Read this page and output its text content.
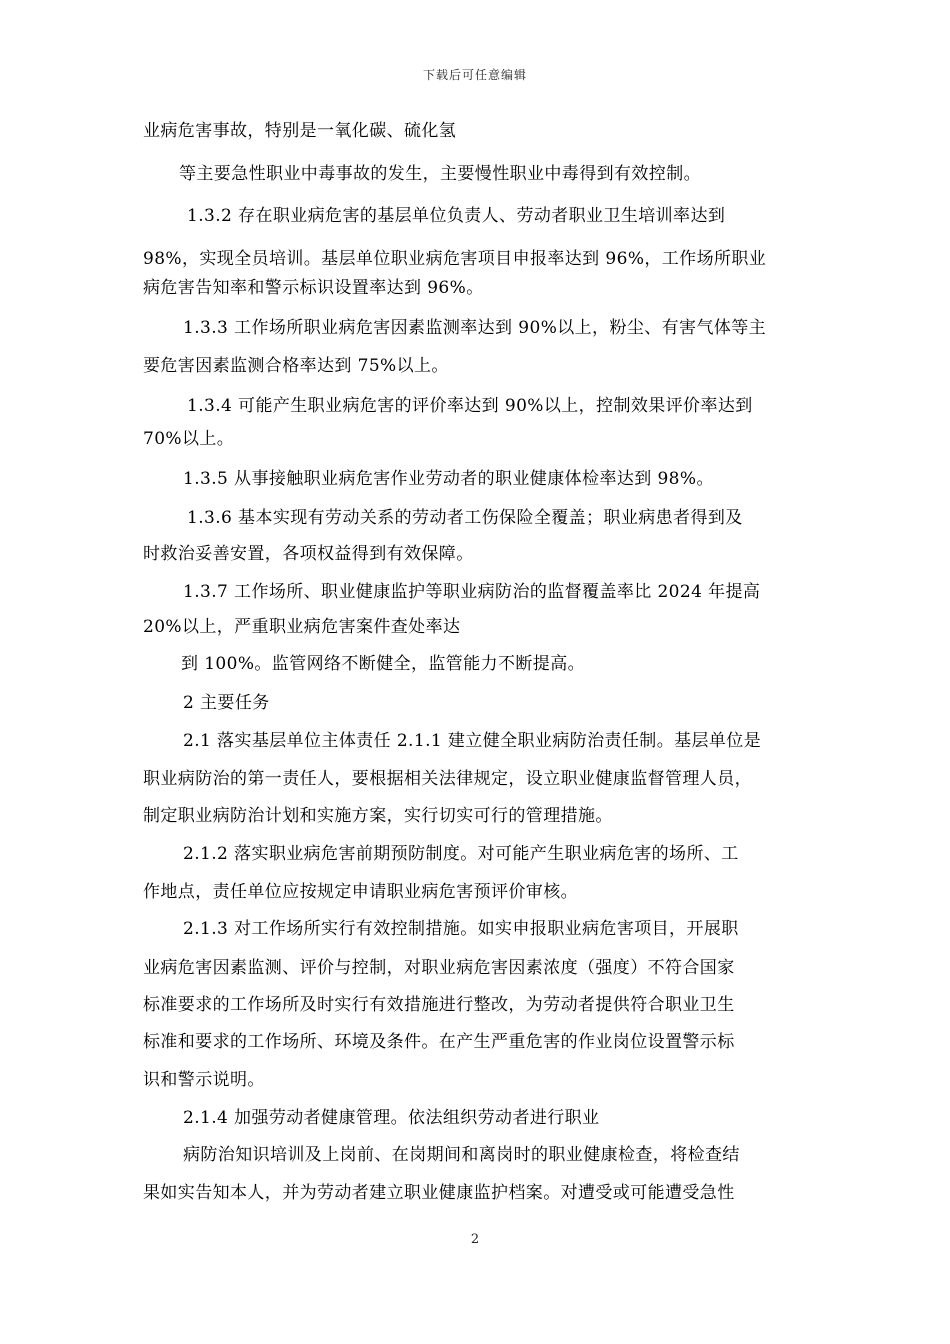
下载后可任意编辑
业病危害事故，特别是一氧化碳、硫化氢
等主要急性职业中毒事故的发生，主要慢性职业中毒得到有效控制。
1.3.2 存在职业病危害的基层单位负责人、劳动者职业卫生培训率达到
98%，实现全员培训。基层单位职业病危害项目申报率达到 96%，工作场所职业
病危害告知率和警示标识设置率达到 96%。
1.3.3 工作场所职业病危害因素监测率达到 90%以上，粉尘、有害气体等主
要危害因素监测合格率达到 75%以上。
1.3.4 可能产生职业病危害的评价率达到 90%以上，控制效果评价率达到
70%以上。
1.3.5 从事接触职业病危害作业劳动者的职业健康体检率达到 98%。
1.3.6 基本实现有劳动关系的劳动者工伤保险全覆盖；职业病患者得到及
时救治妥善安置，各项权益得到有效保障。
1.3.7 工作场所、职业健康监护等职业病防治的监督覆盖率比 2024 年提高
20%以上，严重职业病危害案件查处率达
到 100%。监管网络不断健全，监管能力不断提高。
2 主要任务
2.1 落实基层单位主体责任 2.1.1 建立健全职业病防治责任制。基层单位是
职业病防治的第一责任人，要根据相关法律规定，设立职业健康监督管理人员，
制定职业病防治计划和实施方案，实行切实可行的管理措施。
2.1.2 落实职业病危害前期预防制度。对可能产生职业病危害的场所、工
作地点，责任单位应按规定申请职业病危害预评价审核。
2.1.3 对工作场所实行有效控制措施。如实申报职业病危害项目，开展职
业病危害因素监测、评价与控制，对职业病危害因素浓度（强度）不符合国家
标准要求的工作场所及时实行有效措施进行整改，为劳动者提供符合职业卫生
标准和要求的工作场所、环境及条件。在产生严重危害的作业岗位设置警示标
识和警示说明。
2.1.4 加强劳动者健康管理。依法组织劳动者进行职业
病防治知识培训及上岗前、在岗期间和离岗时的职业健康检查，将检查结
果如实告知本人，并为劳动者建立职业健康监护档案。对遭受或可能遭受急性
2
